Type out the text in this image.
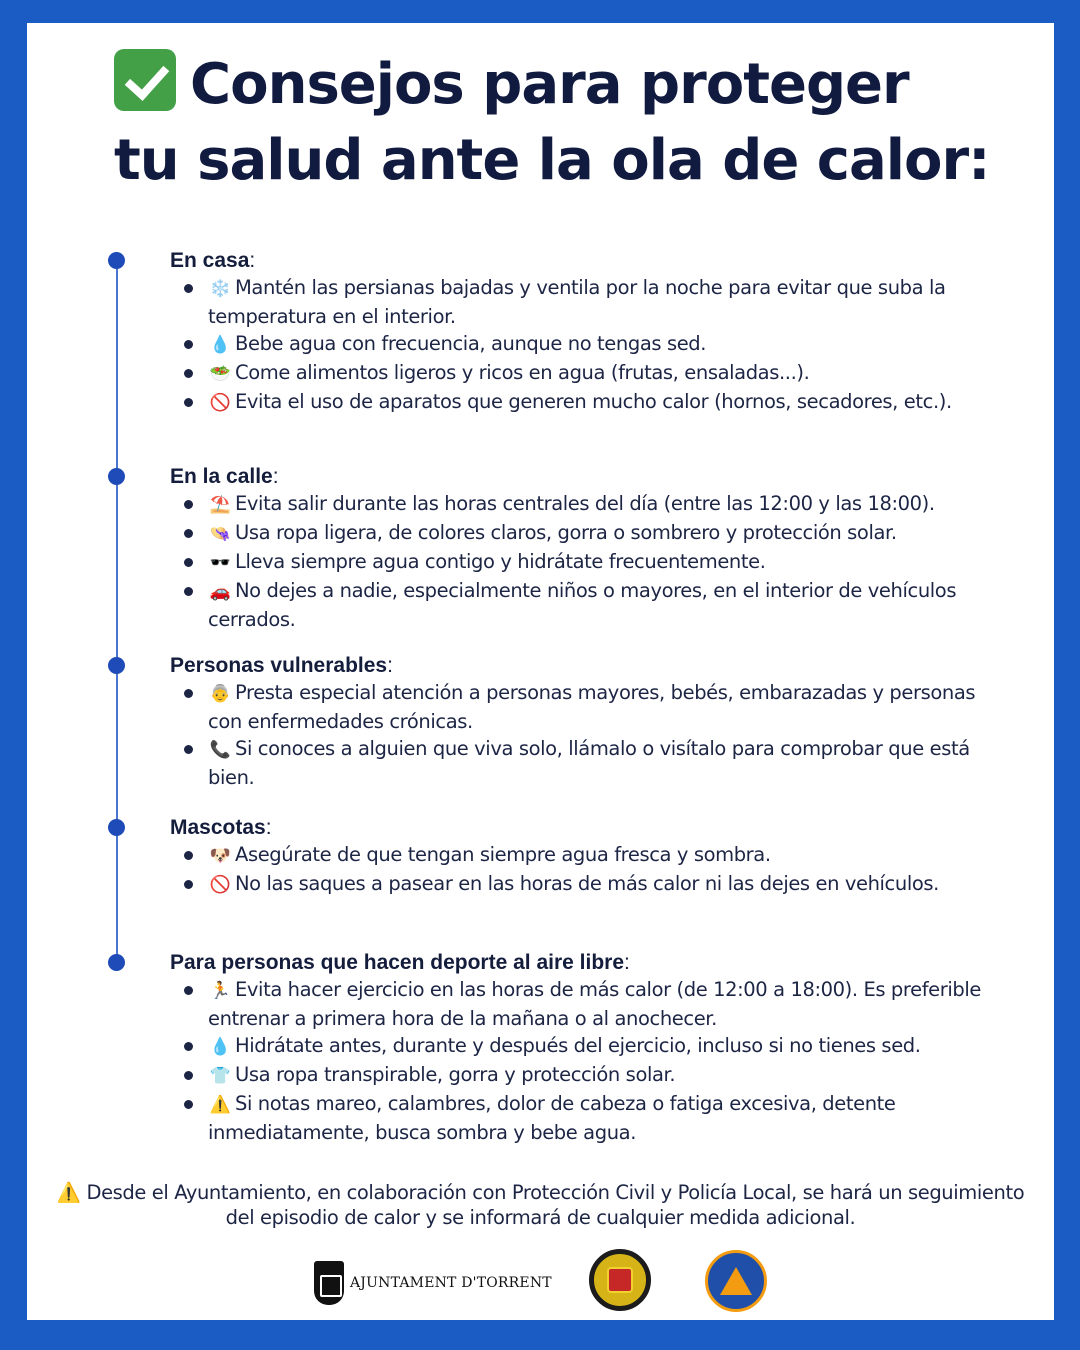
Consejos para proteger
tu salud ante la ola de calor:
En casa:
❄️ Mantén las persianas bajadas y ventila por la noche para evitar que suba la temperatura en el interior.
💧 Bebe agua con frecuencia, aunque no tengas sed.
🥗 Come alimentos ligeros y ricos en agua (frutas, ensaladas...).
🚫 Evita el uso de aparatos que generen mucho calor (hornos, secadores, etc.).
En la calle:
⛱️ Evita salir durante las horas centrales del día (entre las 12:00 y las 18:00).
👒 Usa ropa ligera, de colores claros, gorra o sombrero y protección solar.
🕶️ Lleva siempre agua contigo y hidrátate frecuentemente.
🚗 No dejes a nadie, especialmente niños o mayores, en el interior de vehículos cerrados.
Personas vulnerables:
👵 Presta especial atención a personas mayores, bebés, embarazadas y personas con enfermedades crónicas.
📞 Si conoces a alguien que viva solo, llámalo o visítalo para comprobar que está bien.
Mascotas:
🐶 Asegúrate de que tengan siempre agua fresca y sombra.
🚫 No las saques a pasear en las horas de más calor ni las dejes en vehículos.
Para personas que hacen deporte al aire libre:
🏃 Evita hacer ejercicio en las horas de más calor (de 12:00 a 18:00). Es preferible entrenar a primera hora de la mañana o al anochecer.
💧 Hidrátate antes, durante y después del ejercicio, incluso si no tienes sed.
👕 Usa ropa transpirable, gorra y protección solar.
⚠️ Si notas mareo, calambres, dolor de cabeza o fatiga excesiva, detente inmediatamente, busca sombra y bebe agua.

⚠️ Desde el Ayuntamiento, en colaboración con Protección Civil y Policía Local, se hará un seguimiento del episodio de calor y se informará de cualquier medida adicional.

AJUNTAMENT D'TORRENT
